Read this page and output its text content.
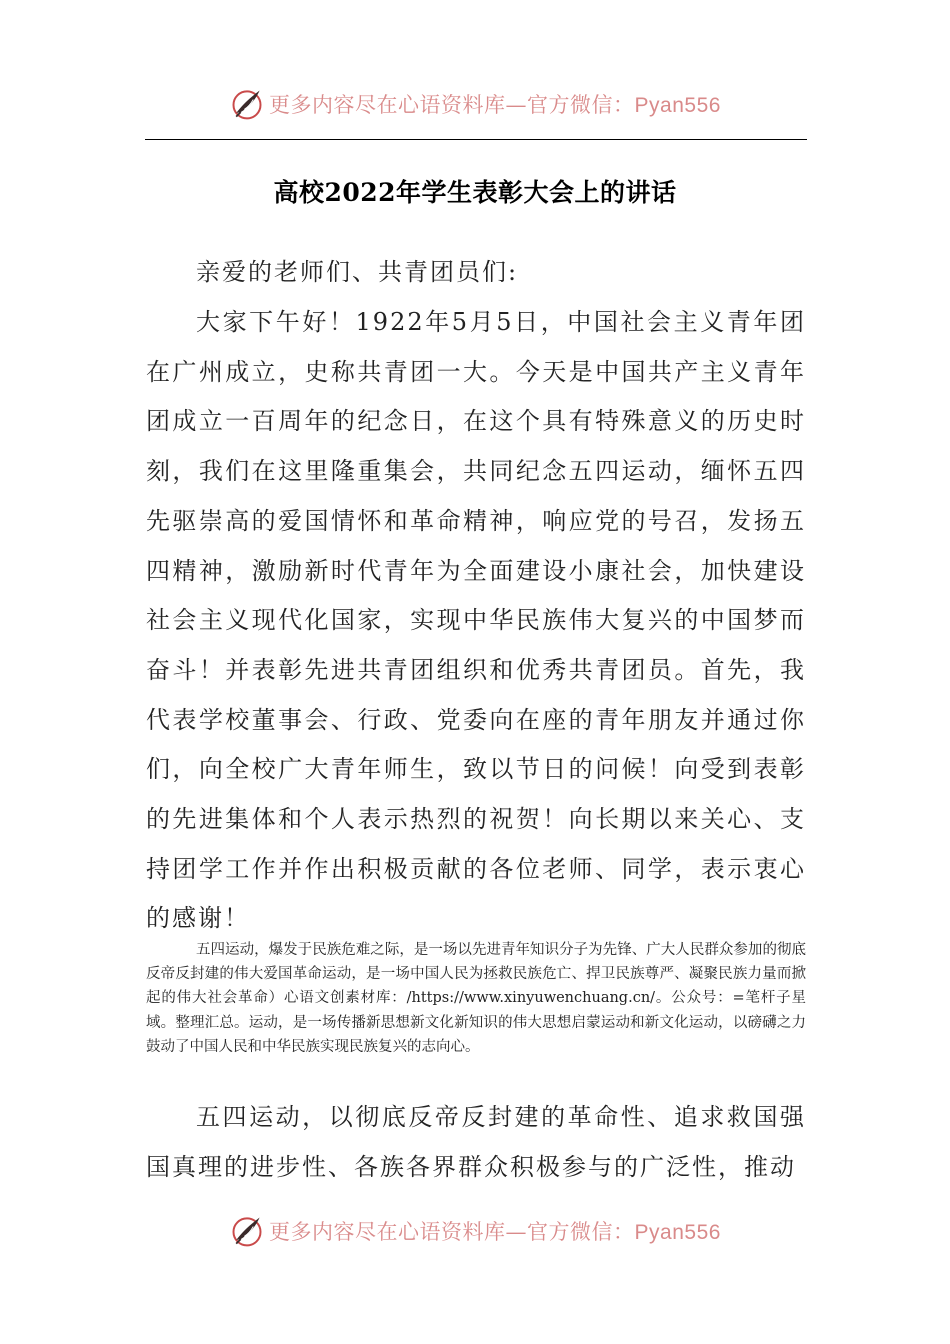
更多内容尽在心语资料库—官方微信：Pyan556
高校2022年学生表彰大会上的讲话
亲爱的老师们、共青团员们:
大家下午好！1922年5月5日，中国社会主义青年团在广州成立，史称共青团一大。今天是中国共产主义青年团成立一百周年的纪念日，在这个具有特殊意义的历史时刻，我们在这里隆重集会，共同纪念五四运动，缅怀五四先驱崇高的爱国情怀和革命精神，响应党的号召，发扬五四精神，激励新时代青年为全面建设小康社会，加快建设社会主义现代化国家，实现中华民族伟大复兴的中国梦而奋斗！并表彰先进共青团组织和优秀共青团员。首先，我代表学校董事会、行政、党委向在座的青年朋友并通过你们，向全校广大青年师生，致以节日的问候！向受到表彰的先进集体和个人表示热烈的祝贺！向长期以来关心、支持团学工作并作出积极贡献的各位老师、同学，表示衷心的感谢！
五四运动，爆发于民族危难之际，是一场以先进青年知识分子为先锋、广大人民群众参加的彻底反帝反封建的伟大爱国革命运动，是一场中国人民为拯救民族危亡、捍卫民族尊严、凝聚民族力量而掀起的伟大社会革命）心语文创素材库：/https://www.xinyuwenchuang.cn/。公众号：=笔杆子星域。整理汇总。运动，是一场传播新思想新文化新知识的伟大思想启蒙运动和新文化运动，以磅礴之力鼓动了中国人民和中华民族实现民族复兴的志向心。
五四运动，以彻底反帝反封建的革命性、追求救国强国真理的进步性、各族各界群众积极参与的广泛性，推动
更多内容尽在心语资料库—官方微信：Pyan556
